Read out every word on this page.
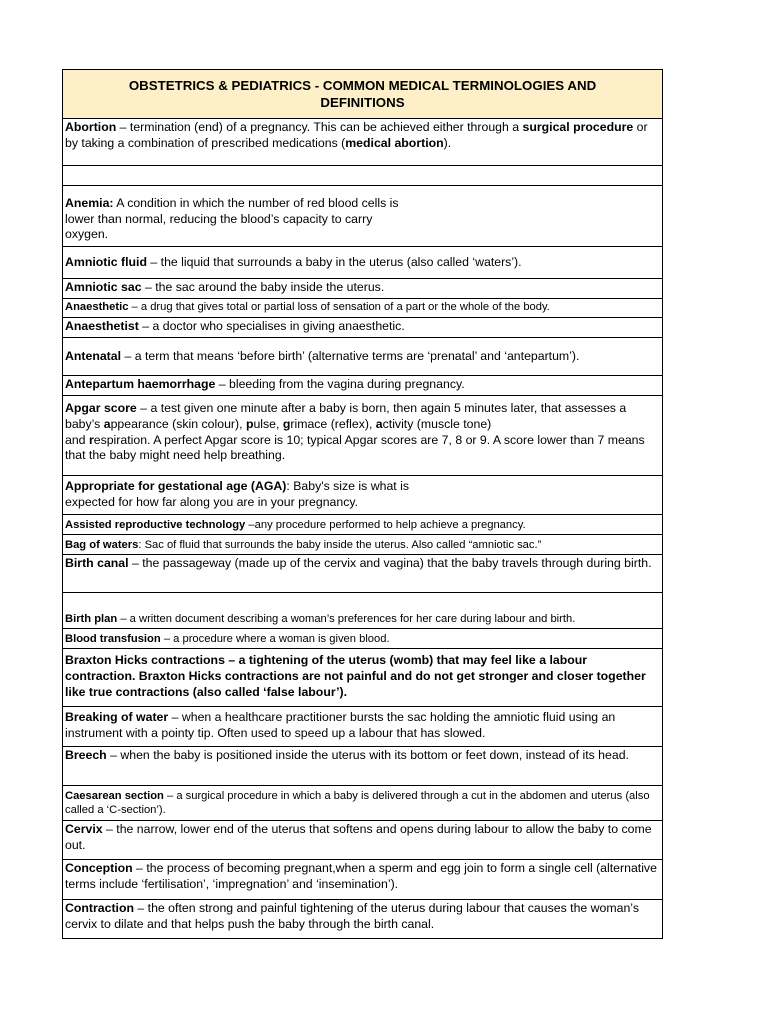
OBSTETRICS & PEDIATRICS - COMMON MEDICAL TERMINOLOGIES AND DEFINITIONS
Abortion – termination (end) of a pregnancy. This can be achieved either through a surgical procedure or by taking a combination of prescribed medications (medical abortion).

Anemia: A condition in which the number of red blood cells is
lower than normal, reducing the blood’s capacity to carry
oxygen.
Amniotic fluid – the liquid that surrounds a baby in the uterus (also called ‘waters’).
Amniotic sac – the sac around the baby inside the uterus.
Anaesthetic – a drug that gives total or partial loss of sensation of a part or the whole of the body.
Anaesthetist – a doctor who specialises in giving anaesthetic.
Antenatal – a term that means ‘before birth’ (alternative terms are ‘prenatal’ and ‘antepartum’).
Antepartum haemorrhage – bleeding from the vagina during pregnancy.
Apgar score – a test given one minute after a baby is born, then again 5 minutes later, that assesses a baby’s appearance (skin colour), pulse, grimace (reflex), activity (muscle tone)
and respiration. A perfect Apgar score is 10; typical Apgar scores are 7, 8 or 9. A score lower than 7 means that the baby might need help breathing.
Appropriate for gestational age (AGA): Baby's size is what is
expected for how far along you are in your pregnancy.
Assisted reproductive technology –any procedure performed to help achieve a pregnancy.
Bag of waters: Sac of fluid that surrounds the baby inside the uterus. Also called “amniotic sac.”
Birth canal – the passageway (made up of the cervix and vagina) that the baby travels through during birth.
Birth plan – a written document describing a woman’s preferences for her care during labour and birth.
Blood transfusion – a procedure where a woman is given blood.
Braxton Hicks contractions – a tightening of the uterus (womb) that may feel like a labour contraction. Braxton Hicks contractions are not painful and do not get stronger and closer together like true contractions (also called ‘false labour’).
Breaking of water – when a healthcare practitioner bursts the sac holding the amniotic fluid using an instrument with a pointy tip. Often used to speed up a labour that has slowed.
Breech – when the baby is positioned inside the uterus with its bottom or feet down, instead of its head.
Caesarean section – a surgical procedure in which a baby is delivered through a cut in the abdomen and uterus (also called a ‘C-section’).
Cervix – the narrow, lower end of the uterus that softens and opens during labour to allow the baby to come out.
Conception – the process of becoming pregnant,when a sperm and egg join to form a single cell (alternative terms include ‘fertilisation’, ‘impregnation’ and ‘insemination’).
Contraction – the often strong and painful tightening of the uterus during labour that causes the woman’s cervix to dilate and that helps push the baby through the birth canal.
